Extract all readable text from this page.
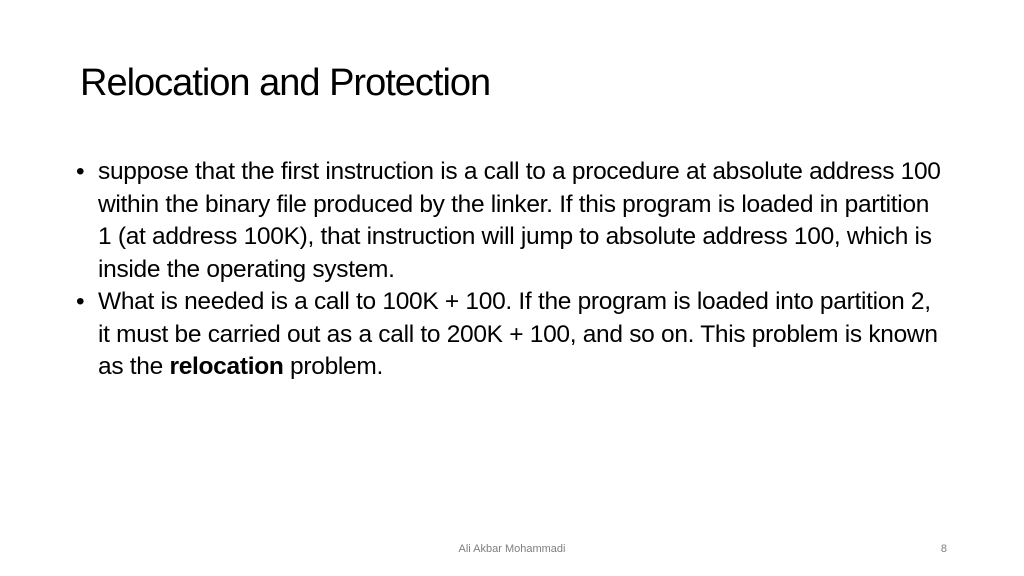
Relocation and Protection
• suppose that the first instruction is a call to a procedure at absolute address 100 within the binary file produced by the linker. If this program is loaded in partition 1 (at address 100K), that instruction will jump to absolute address 100, which is inside the operating system.
• What is needed is a call to 100K + 100. If the program is loaded into partition 2, it must be carried out as a call to 200K + 100, and so on. This problem is known as the relocation problem.
Ali Akbar Mohammadi	8
